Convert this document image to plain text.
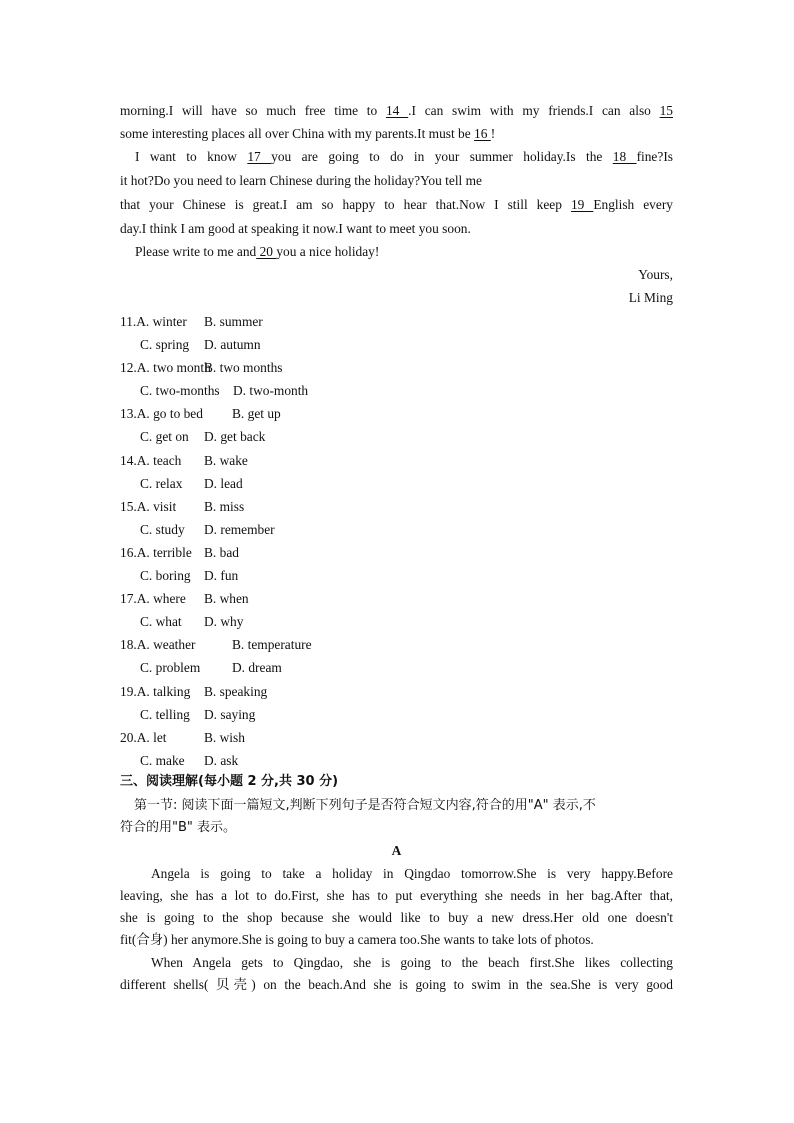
morning.I will have so much free time to 14 .I can swim with my friends.I can also 15
some interesting places all over China with my parents.It must be 16 !
I want to know 17 you are going to do in your summer holiday.Is the 18 fine?Is
it hot?Do you need to learn Chinese during the holiday?You tell me
that your Chinese is great.I am so happy to hear that.Now I still keep 19 English every
day.I think I am good at speaking it now.I want to meet you soon.
Please write to me and 20 you a nice holiday!
Yours,
Li Ming
11.A. winter B. summer
C. spring D. autumn
12.A. two month
B. two months
C. two-months D. two-month
13.A. go to bed B. get up
C. get on D. get back
14.A. teach B. wake
C. relax D. lead
15.A. visit B. miss
C. study D. remember
16.A. terrible B. bad
C. boring D. fun
17.A. where B. when
C. what D. why
18.A. weather	B. temperature
C. problem D. dream
19.A. talking B. speaking
C. telling D. saying
20.A. let	B. wish
C. make D. ask
三、阅读理解(每小题 2 分,共 30 分)
第一节: 阅读下面一篇短文,判断下列句子是否符合短文内容,符合的用"A" 表示,不
符合的用"B" 表示。
A
Angela is going to take a holiday in Qingdao tomorrow.She is very happy.Before
leaving, she has a lot to do.First, she has to put everything she needs in her bag.After that,
she is going to the shop because she would like to buy a new dress.Her old one doesn't
fit(合身) her anymore.She is going to buy a camera too.She wants to take lots of photos.
When Angela gets to Qingdao, she is going to the beach first.She likes collecting
different shells( 贝壳) on the beach.And she is going to swim in the sea.She is very good
